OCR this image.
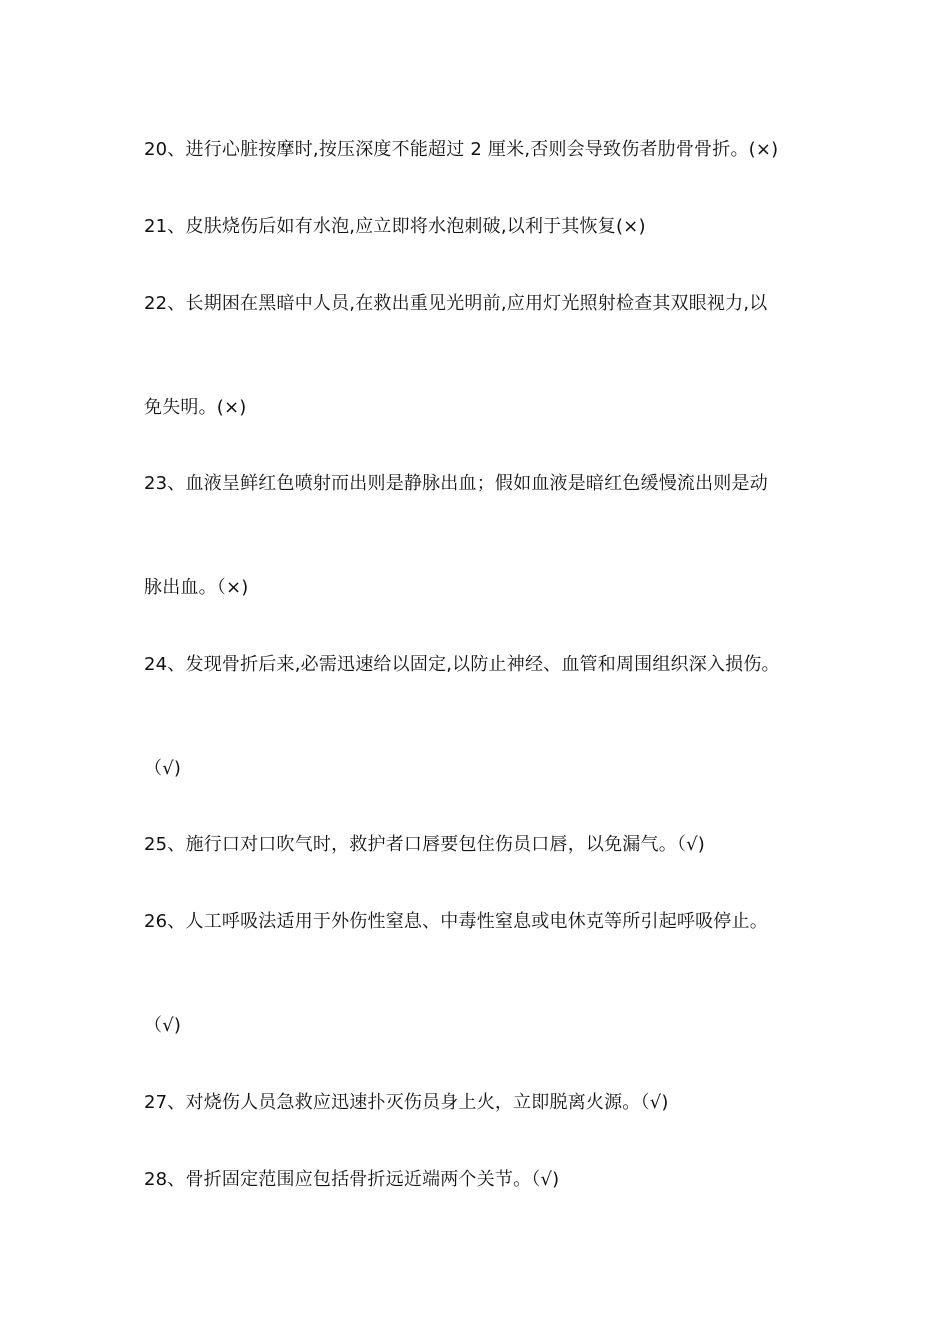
20、进行心脏按摩时,按压深度不能超过 2 厘米,否则会导致伤者肋骨骨折。(×)
21、皮肤烧伤后如有水泡,应立即将水泡刺破,以利于其恢复(×)
22、长期困在黑暗中人员,在救出重见光明前,应用灯光照射检查其双眼视力,以
免失明。(×)
23、血液呈鲜红色喷射而出则是静脉出血；假如血液是暗红色缓慢流出则是动
脉出血。（×)
24、发现骨折后来,必需迅速给以固定,以防止神经、血管和周围组织深入损伤。
（√)
25、施行口对口吹气时，救护者口唇要包住伤员口唇，以免漏气。（√)
26、人工呼吸法适用于外伤性窒息、中毒性窒息或电休克等所引起呼吸停止。
（√)
27、对烧伤人员急救应迅速扑灭伤员身上火，立即脱离火源。（√)
28、骨折固定范围应包括骨折远近端两个关节。（√)
